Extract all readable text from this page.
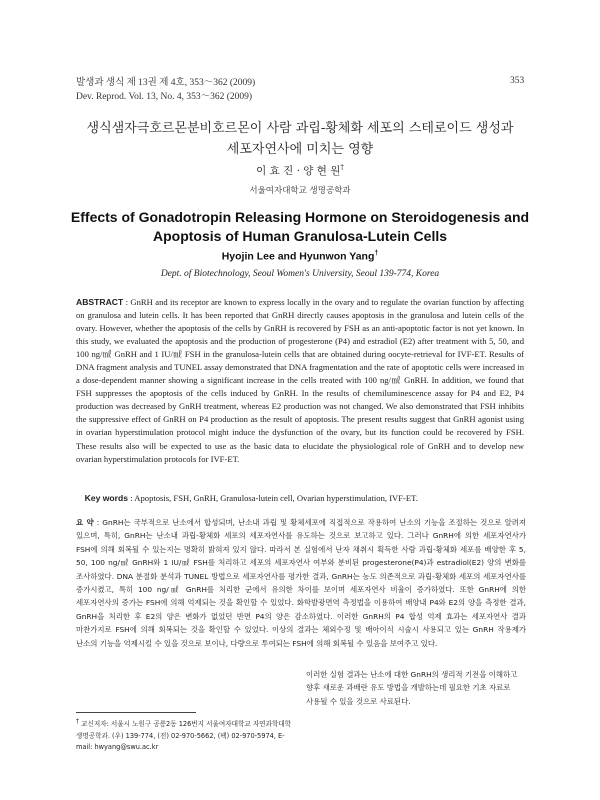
발생과 생식 제 13권 제 4호, 353～362 (2009)
Dev. Reprod. Vol. 13, No. 4, 353～362 (2009)
353
생식샘자극호르몬분비호르몬이 사람 과립-황체화 세포의 스테로이드 생성과
세포자연사에 미치는 영향
이 효 진 · 양 현 원†
서울여자대학교 생명공학과
Effects of Gonadotropin Releasing Hormone on Steroidogenesis and
Apoptosis of Human Granulosa-Lutein Cells
Hyojin Lee and Hyunwon Yang†
Dept. of Biotechnology, Seoul Women's University, Seoul 139-774, Korea
ABSTRACT : GnRH and its receptor are known to express locally in the ovary and to regulate the ovarian function by affecting on granulosa and lutein cells. It has been reported that GnRH directly causes apoptosis in the granulosa and lutein cells of the ovary. However, whether the apoptosis of the cells by GnRH is recovered by FSH as an anti-apoptotic factor is not yet known. In this study, we evaluated the apoptosis and the production of progesterone (P4) and estradiol (E2) after treatment with 5, 50, and 100 ng/㎖ GnRH and 1 IU/㎖ FSH in the granulosa-lutein cells that are obtained during oocyte-retrieval for IVF-ET. Results of DNA fragment analysis and TUNEL assay demonstrated that DNA fragmentation and the rate of apoptotic cells were increased in a dose-dependent manner showing a significant increase in the cells treated with 100 ng/㎖ GnRH. In addition, we found that FSH suppresses the apoptosis of the cells induced by GnRH. In the results of chemiluminescence assay for P4 and E2, P4 production was decreased by GnRH treatment, whereas E2 production was not changed. We also demonstrated that FSH inhibits the suppressive effect of GnRH on P4 production as the result of apoptosis. The present results suggest that GnRH agonist using in ovarian hyperstimulation protocol might induce the dysfunction of the ovary, but its function could be recovered by FSH. These results also will be expected to use as the basic data to elucidate the physiological role of GnRH and to develop new ovarian hyperstimulation protocols for IVF-ET.
Key words : Apoptosis, FSH, GnRH, Granulosa-lutein cell, Ovarian hyperstimulation, IVF-ET.
요 약 : GnRH는 국부적으로 난소에서 합성되며, 난소내 과립 및 황체세포에 직접적으로 작용하여 난소의 기능을 조절하는 것으로 알려져 있으며, 특히, GnRH는 난소내 과립-황체화 세포의 세포자연사를 유도하는 것으로 보고하고 있다. 그러나 GnRH에 의한 세포자연사가 FSH에 의해 회복될 수 있는지는 명확히 밝혀져 있지 않다. 따라서 본 실험에서 난자 채취시 획득한 사람 과립-황체화 세포를 배양한 후 5, 50, 100 ng/㎖ GnRH와 1 IU/㎖ FSH를 처리하고 세포의 세포자연사 여부와 분비된 progesterone(P4)과 estradiol(E2) 양의 변화를 조사하였다. DNA 분절화 분석과 TUNEL 방법으로 세포자연사를 평가한 결과, GnRH는 농도 의존적으로 과립-황체화 세포의 세포자연사를 증가시켰고, 특히 100 ng/㎖ GnRH를 처리한 군에서 유의한 차이를 보이며 세포자연사 비율이 증가하였다. 또한 GnRH에 의한 세포자연사의 증가는 FSH에 의해 억제되는 것을 확인할 수 있었다. 화학발광면역 측정법을 이용하여 배양내 P4와 E2의 양을 측정한 결과, GnRH을 처리한 후 E2의 양은 변화가 없었던 반면 P4의 양은 감소하였다. 이러한 GnRH의 P4 합성 억제 효과는 세포자연사 결과 마찬가지로 FSH에 의해 회복되는 것을 확인할 수 있었다. 이상의 결과는 체외수정 및 배아이식 시술시 사용되고 있는 GnRH 작용제가 난소의 기능을 억제시킬 수 있을 것으로 보이나, 다량으로 투여되는 FSH에 의해 회복될 수 있음을 보여주고 있다.
이러한 실험 결과는 난소에 대한 GnRH의 생리적 기전을 이해하고 향후 새로운 과배란 유도 방법을 개발하는데 필요한 기초 자료로 사용될 수 있을 것으로 사료된다.
† 교신저자: 서울시 노원구 공릉2동 126번지 서울여자대학교 자연과학대학 생명공학과. (우) 139-774, (전) 02-970-5662, (팩) 02-970-5974, E-mail: hwyang@swu.ac.kr
